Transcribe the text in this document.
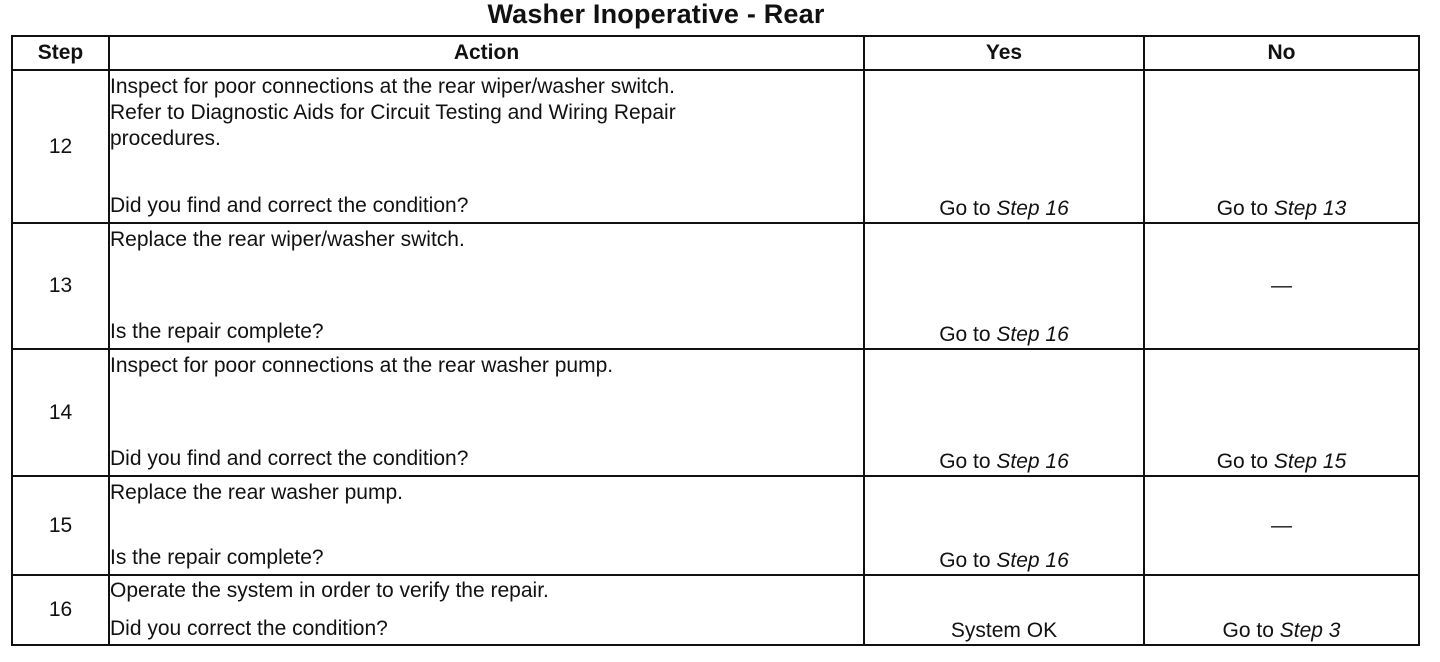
Washer Inoperative - Rear
Step	Action	Yes	No
12	Inspect for poor connections at the rear wiper/washer switch.
Refer to Diagnostic Aids for Circuit Testing and Wiring Repair
procedures.
Did you find and correct the condition?	Go to Step 16	Go to Step 13
13	Replace the rear wiper/washer switch.
Is the repair complete?	Go to Step 16	—
14	Inspect for poor connections at the rear washer pump.
Did you find and correct the condition?	Go to Step 16	Go to Step 15
15	Replace the rear washer pump.
Is the repair complete?	Go to Step 16	—
16	Operate the system in order to verify the repair.
Did you correct the condition?	System OK	Go to Step 3
